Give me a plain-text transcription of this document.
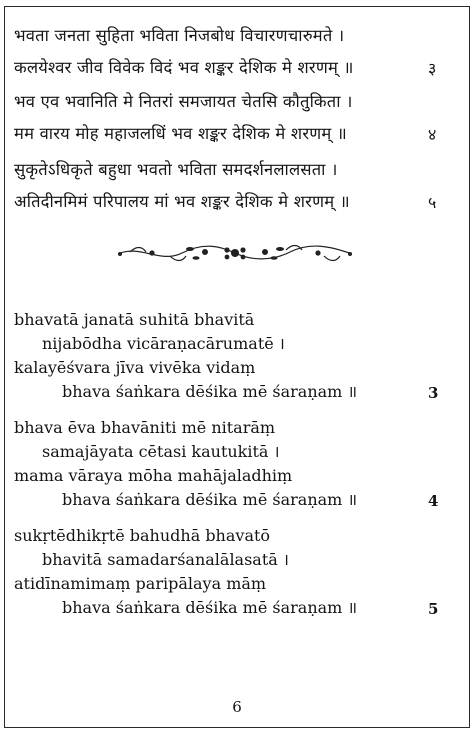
भवता जनता सुहिता भविता निजबोध विचारणचारुमते ।
कलयेश्वर जीव विवेक विदं भव शङ्कर देशिक मे शरणम् ॥	३
भव एव भवानिति मे नितरां समजायत चेतसि कौतुकिता ।
मम वारय मोह महाजलधिं भव शङ्कर देशिक मे शरणम् ॥	४
सुकृतेऽधिकृते बहुधा भवतो भविता समदर्शनलालसता ।
अतिदीनमिमं परिपालय मां भव शङ्कर देशिक मे शरणम् ॥	५
bhavatā janatā suhitā bhavitā
nijabōdha vicāraṇacārumatē ।
kalayēśvara jīva vivēka vidaṃ
bhava śaṅkara dēśika mē śaraṇam ॥	3
bhava ēva bhavāniti mē nitarāṃ
samajāyata cētasi kautukitā ।
mama vāraya mōha mahājaladhiṃ
bhava śaṅkara dēśika mē śaraṇam ॥	4
sukṛtēdhikṛtē bahudhā bhavatō
bhavitā samadarśanalālasatā ।
atidīnamimaṃ paripālaya māṃ
bhava śaṅkara dēśika mē śaraṇam ॥	5
6
